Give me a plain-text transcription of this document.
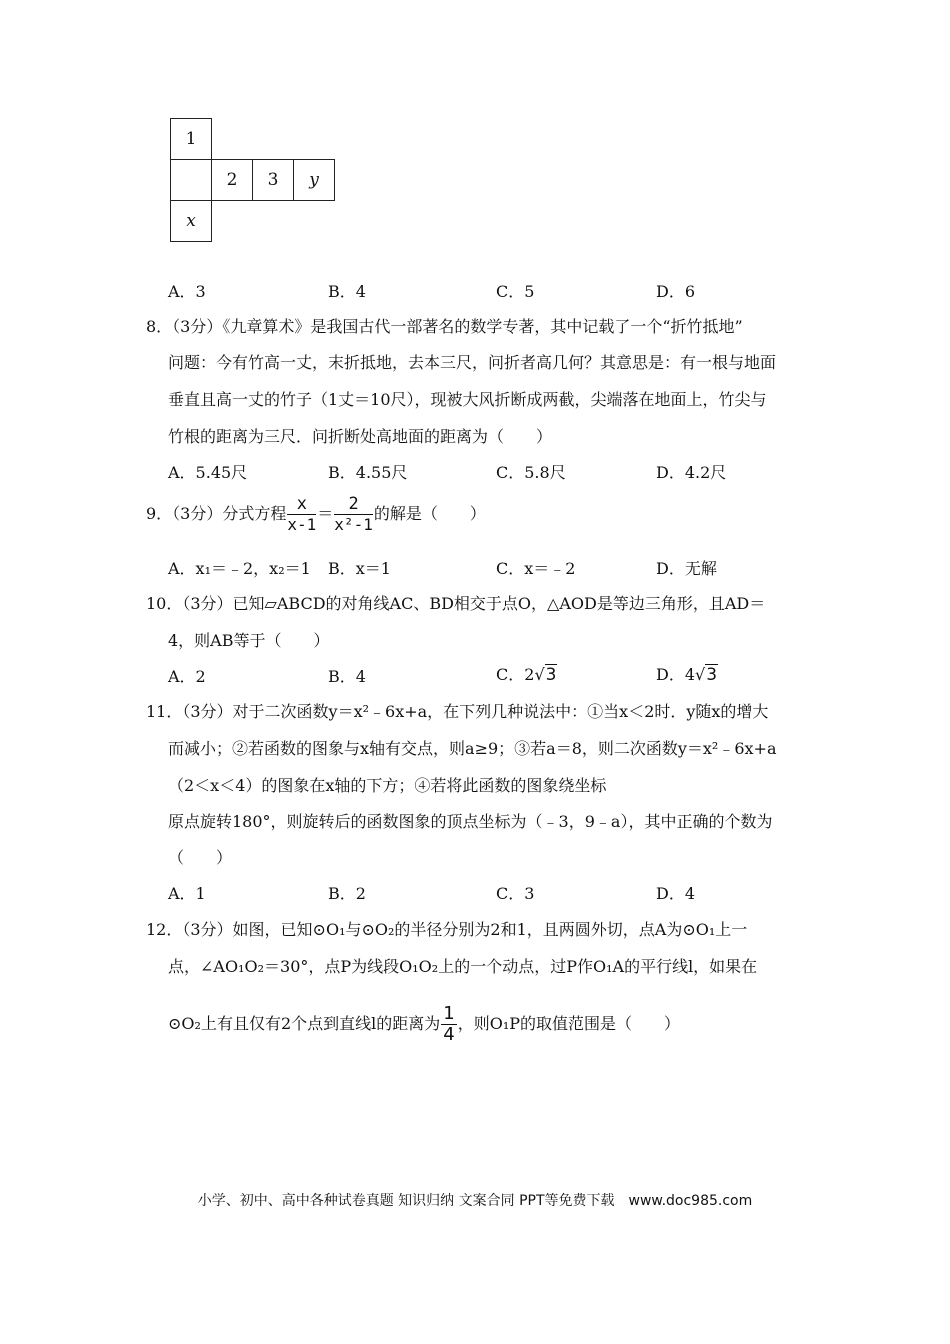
1
2	3	y
x
A．3	B．4	C．5	D．6
8．（3分）《九章算术》是我国古代一部著名的数学专著，其中记载了一个“折竹抵地”
问题：今有竹高一丈，末折抵地，去本三尺，问折者高几何？其意思是：有一根与地面
垂直且高一丈的竹子（1丈＝10尺），现被大风折断成两截，尖端落在地面上，竹尖与
竹根的距离为三尺．问折断处高地面的距离为（　　）
A．5.45尺	B．4.55尺	C．5.8尺	D．4.2尺
9．（3分）分式方程 $\frac{x}{x-1} = \frac{2}{\text{x²-1}}$ 的解是（　　）
A．x₁＝﹣2，x₂＝1 B．x＝1	C．x＝﹣2	D．无解
10．（3分）已知▱ABCD的对角线AC、BD相交于点O，△AOD是等边三角形，且AD＝
4，则AB等于（　　）
A．2	B．4	C．2√3	D．4√3
11．（3分）对于二次函数y＝x²﹣6x+a，在下列几种说法中：①当x＜2时．y随x的增大
而减小；②若函数的图象与x轴有交点，则a≥9；③若a＝8，则二次函数y＝x²﹣6x+a
（2＜x＜4）的图象在x轴的下方；④若将此函数的图象绕坐标
原点旋转180°，则旋转后的函数图象的顶点坐标为（﹣3，9﹣a），其中正确的个数为
（　　）
A．1	B．2	C．3	D．4
12．（3分）如图，已知⊙O₁与⊙O₂的半径分别为2和1，且两圆外切，点A为⊙O₁上一
点，∠AO₁O₂＝30°，点P为线段O₁O₂上的一个动点，过P作O₁A的平行线l，如果在
⊙O₂上有且仅有2个点到直线l的距离为 $\frac{1}{4}$ ，则O₁P的取值范围是（　　）
小学、初中、高中各种试卷真题 知识归纳 文案合同 PPT等免费下载　www.doc985.com
